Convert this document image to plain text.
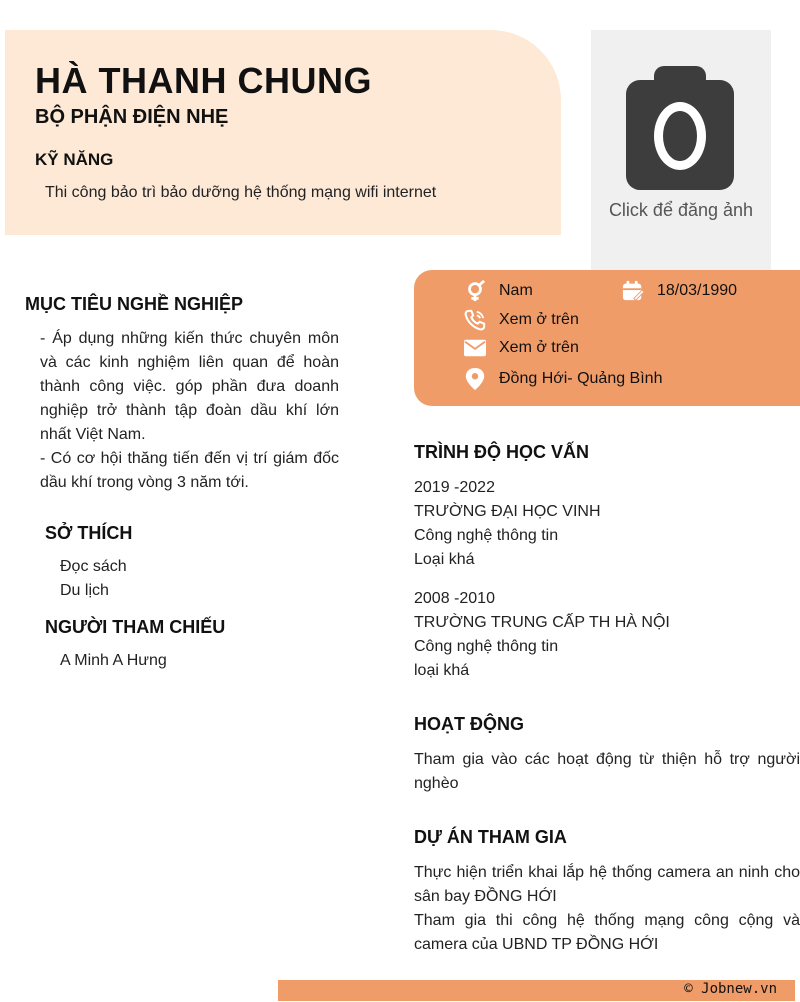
HÀ THANH CHUNG
BỘ PHẬN ĐIỆN NHẸ
KỸ NĂNG
Thi công bảo trì bảo dưỡng hệ thống mạng wifi internet
Click để đăng ảnh
Nam	18/03/1990
Xem ở trên
Xem ở trên
Đồng Hới- Quảng Bình
MỤC TIÊU NGHỀ NGHIỆP

- Áp dụng những kiến thức chuyên môn và các kinh nghiệm liên quan để hoàn thành công việc. góp phần đưa doanh nghiệp trở thành tập đoàn dầu khí lớn nhất Việt Nam.

- Có cơ hội thăng tiến đến vị trí giám đốc dầu khí trong vòng 3 năm tới.

SỞ THÍCH
Đọc sách
Du lịch
NGƯỜI THAM CHIẾU
A Minh A Hưng
TRÌNH ĐỘ HỌC VẤN
2019 -2022
TRƯỜNG ĐẠI HỌC VINH
Công nghệ thông tin
Loại khá
2008 -2010
TRƯỜNG TRUNG CẤP TH HÀ NỘI
Công nghệ thông tin
loại khá
HOẠT ĐỘNG
Tham gia vào các hoạt động từ thiện hỗ trợ người nghèo
DỰ ÁN THAM GIA
Thực hiện triển khai lắp hệ thống camera an ninh cho sân bay ĐỒNG HỚI
Tham gia thi công hệ thống mạng công cộng và camera của UBND TP ĐỒNG HỚI
© Jobnew.vn
